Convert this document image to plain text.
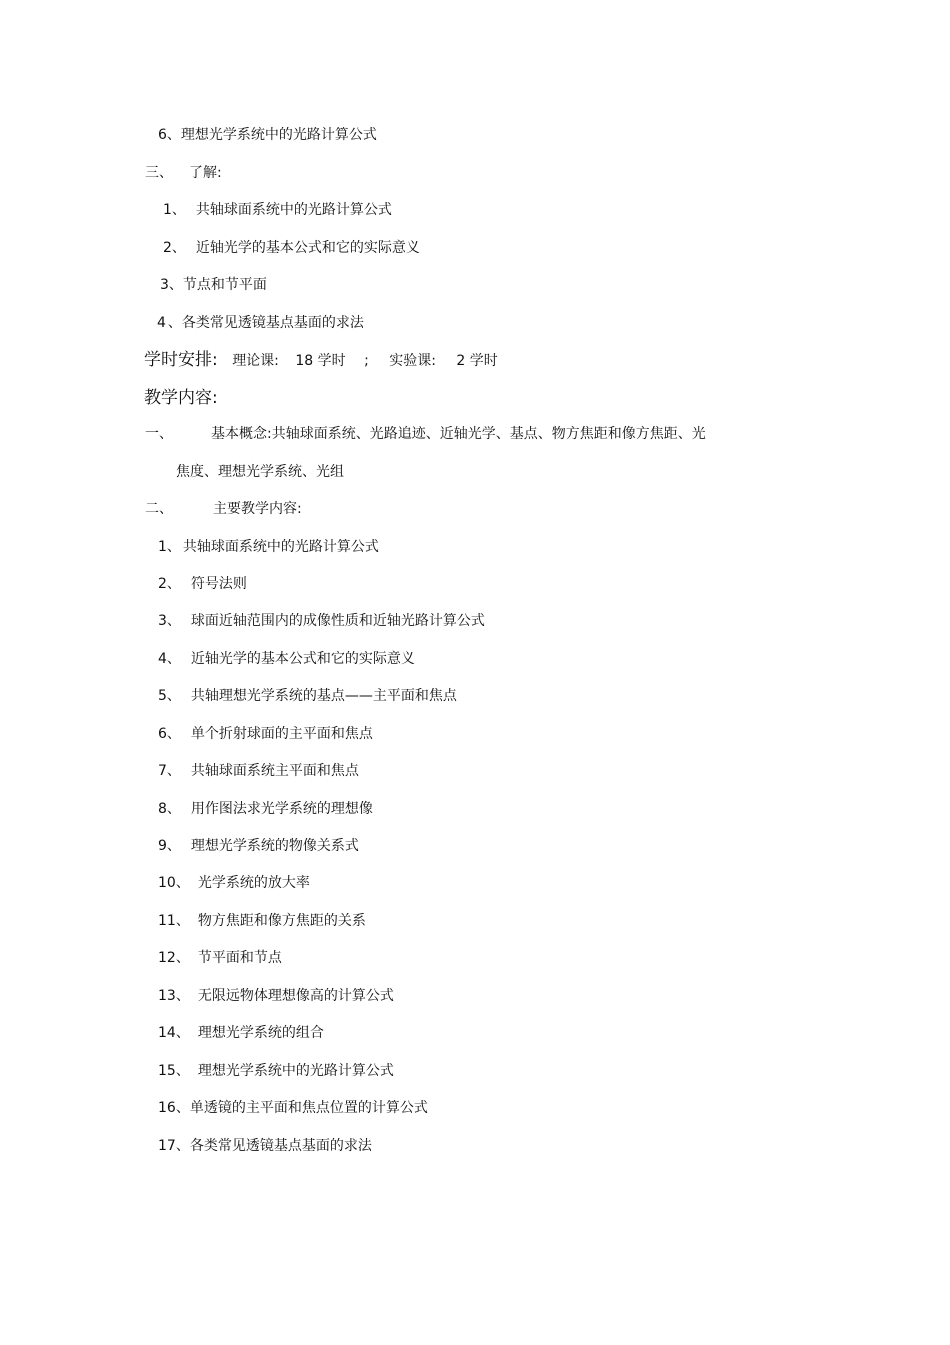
6、理想光学系统中的光路计算公式
三、 了解:
1、 共轴球面系统中的光路计算公式
2、 近轴光学的基本公式和它的实际意义
3、节点和节平面
4 、各类常见透镜基点基面的求法
学时安排: 理论课: 18 学时 ; 实验课: 2 学时
教学内容:
一、	基本概念:共轴球面系统、光路追迹、近轴光学、基点、物方焦距和像方焦距、光
焦度、理想光学系统、光组
二、	主要教学内容:
1、 共轴球面系统中的光路计算公式
2、 符号法则
3、 球面近轴范围内的成像性质和近轴光路计算公式
4、 近轴光学的基本公式和它的实际意义
5、 共轴理想光学系统的基点——主平面和焦点
6、 单个折射球面的主平面和焦点
7、 共轴球面系统主平面和焦点
8、 用作图法求光学系统的理想像
9、 理想光学系统的物像关系式
10、 光学系统的放大率
11、 物方焦距和像方焦距的关系
12、 节平面和节点
13、 无限远物体理想像高的计算公式
14、 理想光学系统的组合
15、 理想光学系统中的光路计算公式
16、单透镜的主平面和焦点位置的计算公式
17、各类常见透镜基点基面的求法
